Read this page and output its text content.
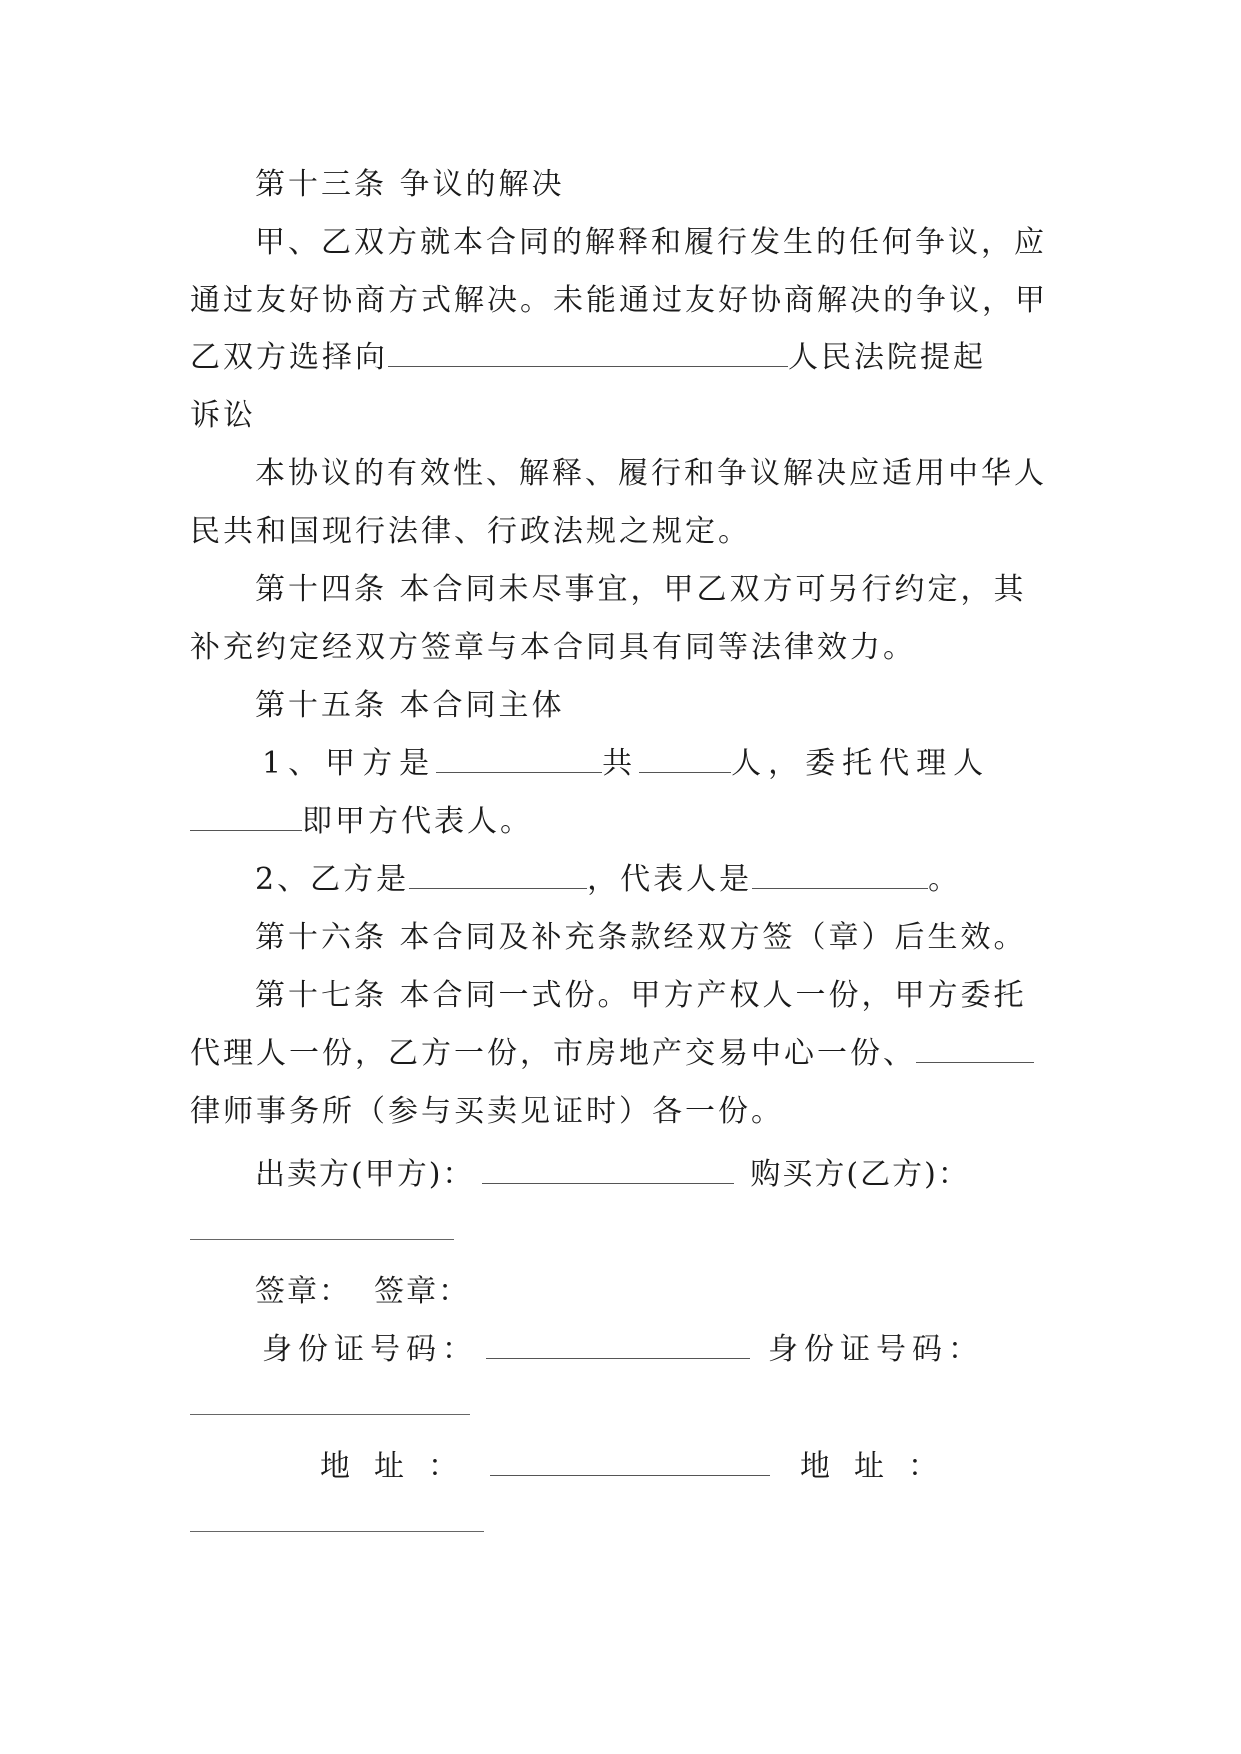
第十三条 争议的解决
甲、乙双方就本合同的解释和履行发生的任何争议，应
通过友好协商方式解决。未能通过友好协商解决的争议，甲
乙双方选择向	人民法院提起
诉讼
本协议的有效性、解释、履行和争议解决应适用中华人
民共和国现行法律、行政法规之规定。
第十四条 本合同未尽事宜，甲乙双方可另行约定，其
补充约定经双方签章与本合同具有同等法律效力。
第十五条 本合同主体
1、甲方是	共	人，委托代理人
即甲方代表人。
2、乙方是	，代表人是	。
第十六条 本合同及补充条款经双方签（章）后生效。
第十七条 本合同一式份。甲方产权人一份，甲方委托
代理人一份，乙方一份，市房地产交易中心一份、
律师事务所（参与买卖见证时）各一份。
出卖方(甲方)：	购买方(乙方)：
签章：  签章：
身份证号码：	身份证号码：
地址：	地址：
